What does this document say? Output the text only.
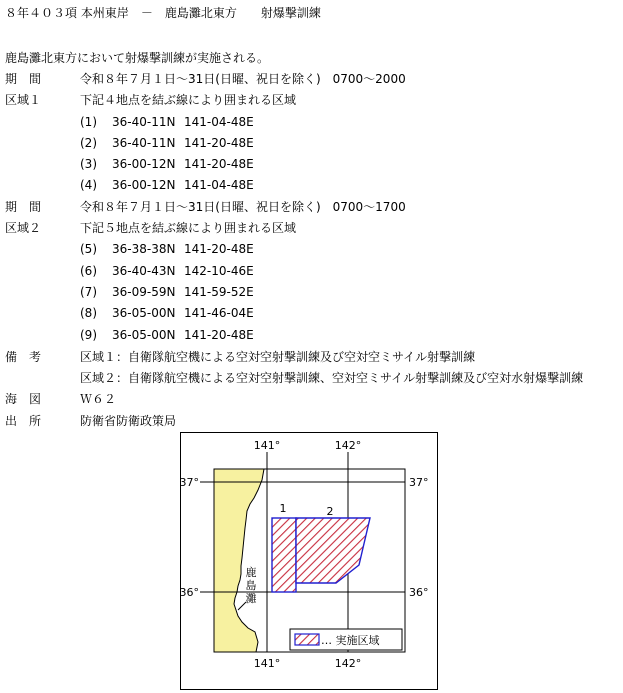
８年４０３項 本州東岸　－　鹿島灘北東方　　射爆撃訓練
鹿島灘北東方において射爆撃訓練が実施される。
期　間	令和８年７月１日～31日(日曜、祝日を除く)　0700～2000
区域１	下記４地点を結ぶ線により囲まれる区域
(1) 36-40-11N 141-04-48E
(2) 36-40-11N 141-20-48E
(3) 36-00-12N 141-20-48E
(4) 36-00-12N 141-04-48E
期　間	令和８年７月１日～31日(日曜、祝日を除く)　0700～1700
区域２	下記５地点を結ぶ線により囲まれる区域
(5) 36-38-38N 141-20-48E
(6) 36-40-43N 142-10-46E
(7) 36-09-59N 141-59-52E
(8) 36-05-00N 141-46-04E
(9) 36-05-00N 141-20-48E
備　考	区域１：自衛隊航空機による空対空射撃訓練及び空対空ミサイル射撃訓練
区域２：自衛隊航空機による空対空射撃訓練、空対空ミサイル射撃訓練及び空対水射爆撃訓練
海　図	Ｗ６２
出　所	防衛省防衛政策局
1	2
141°	142°
141°	142°
37°	37°
36°	36°
鹿
島
灘
… 実施区域
